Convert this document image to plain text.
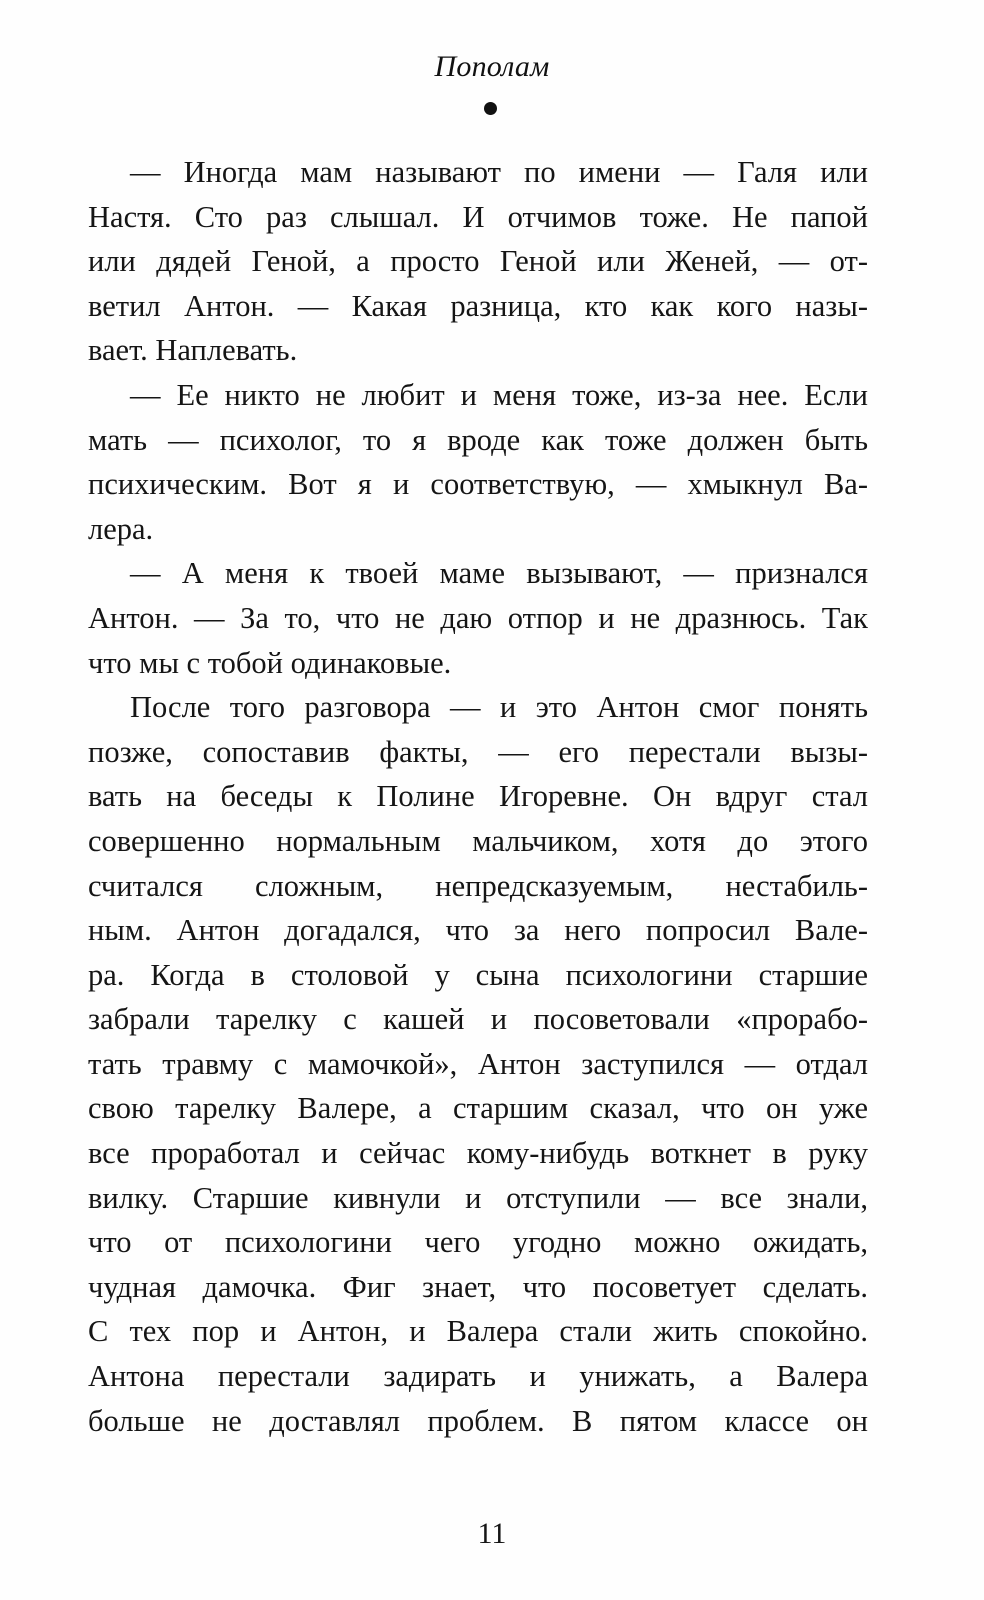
Пополам
— Иногда мам называют по имени — Галя или
Настя. Сто раз слышал. И отчимов тоже. Не папой
или дядей Геной, а просто Геной или Женей, — от-
ветил Антон. — Какая разница, кто как кого назы-
вает. Наплевать.
— Ее никто не любит и меня тоже, из-за нее. Если
мать — психолог, то я вроде как тоже должен быть
психическим. Вот я и соответствую, — хмыкнул Ва-
лера.
— А меня к твоей маме вызывают, — признался
Антон. — За то, что не даю отпор и не дразнюсь. Так
что мы с тобой одинаковые.
После того разговора — и это Антон смог понять
позже, сопоставив факты, — его перестали вызы-
вать на беседы к Полине Игоревне. Он вдруг стал
совершенно нормальным мальчиком, хотя до этого
считался сложным, непредсказуемым, нестабиль-
ным. Антон догадался, что за него попросил Вале-
ра. Когда в столовой у сына психологини старшие
забрали тарелку с кашей и посоветовали «прорабо-
тать травму с мамочкой», Антон заступился — отдал
свою тарелку Валере, а старшим сказал, что он уже
все проработал и сейчас кому-нибудь воткнет в руку
вилку. Старшие кивнули и отступили — все знали,
что от психологини чего угодно можно ожидать,
чудная дамочка. Фиг знает, что посоветует сделать.
С тех пор и Антон, и Валера стали жить спокойно.
Антона перестали задирать и унижать, а Валера
больше не доставлял проблем. В пятом классе он
11
